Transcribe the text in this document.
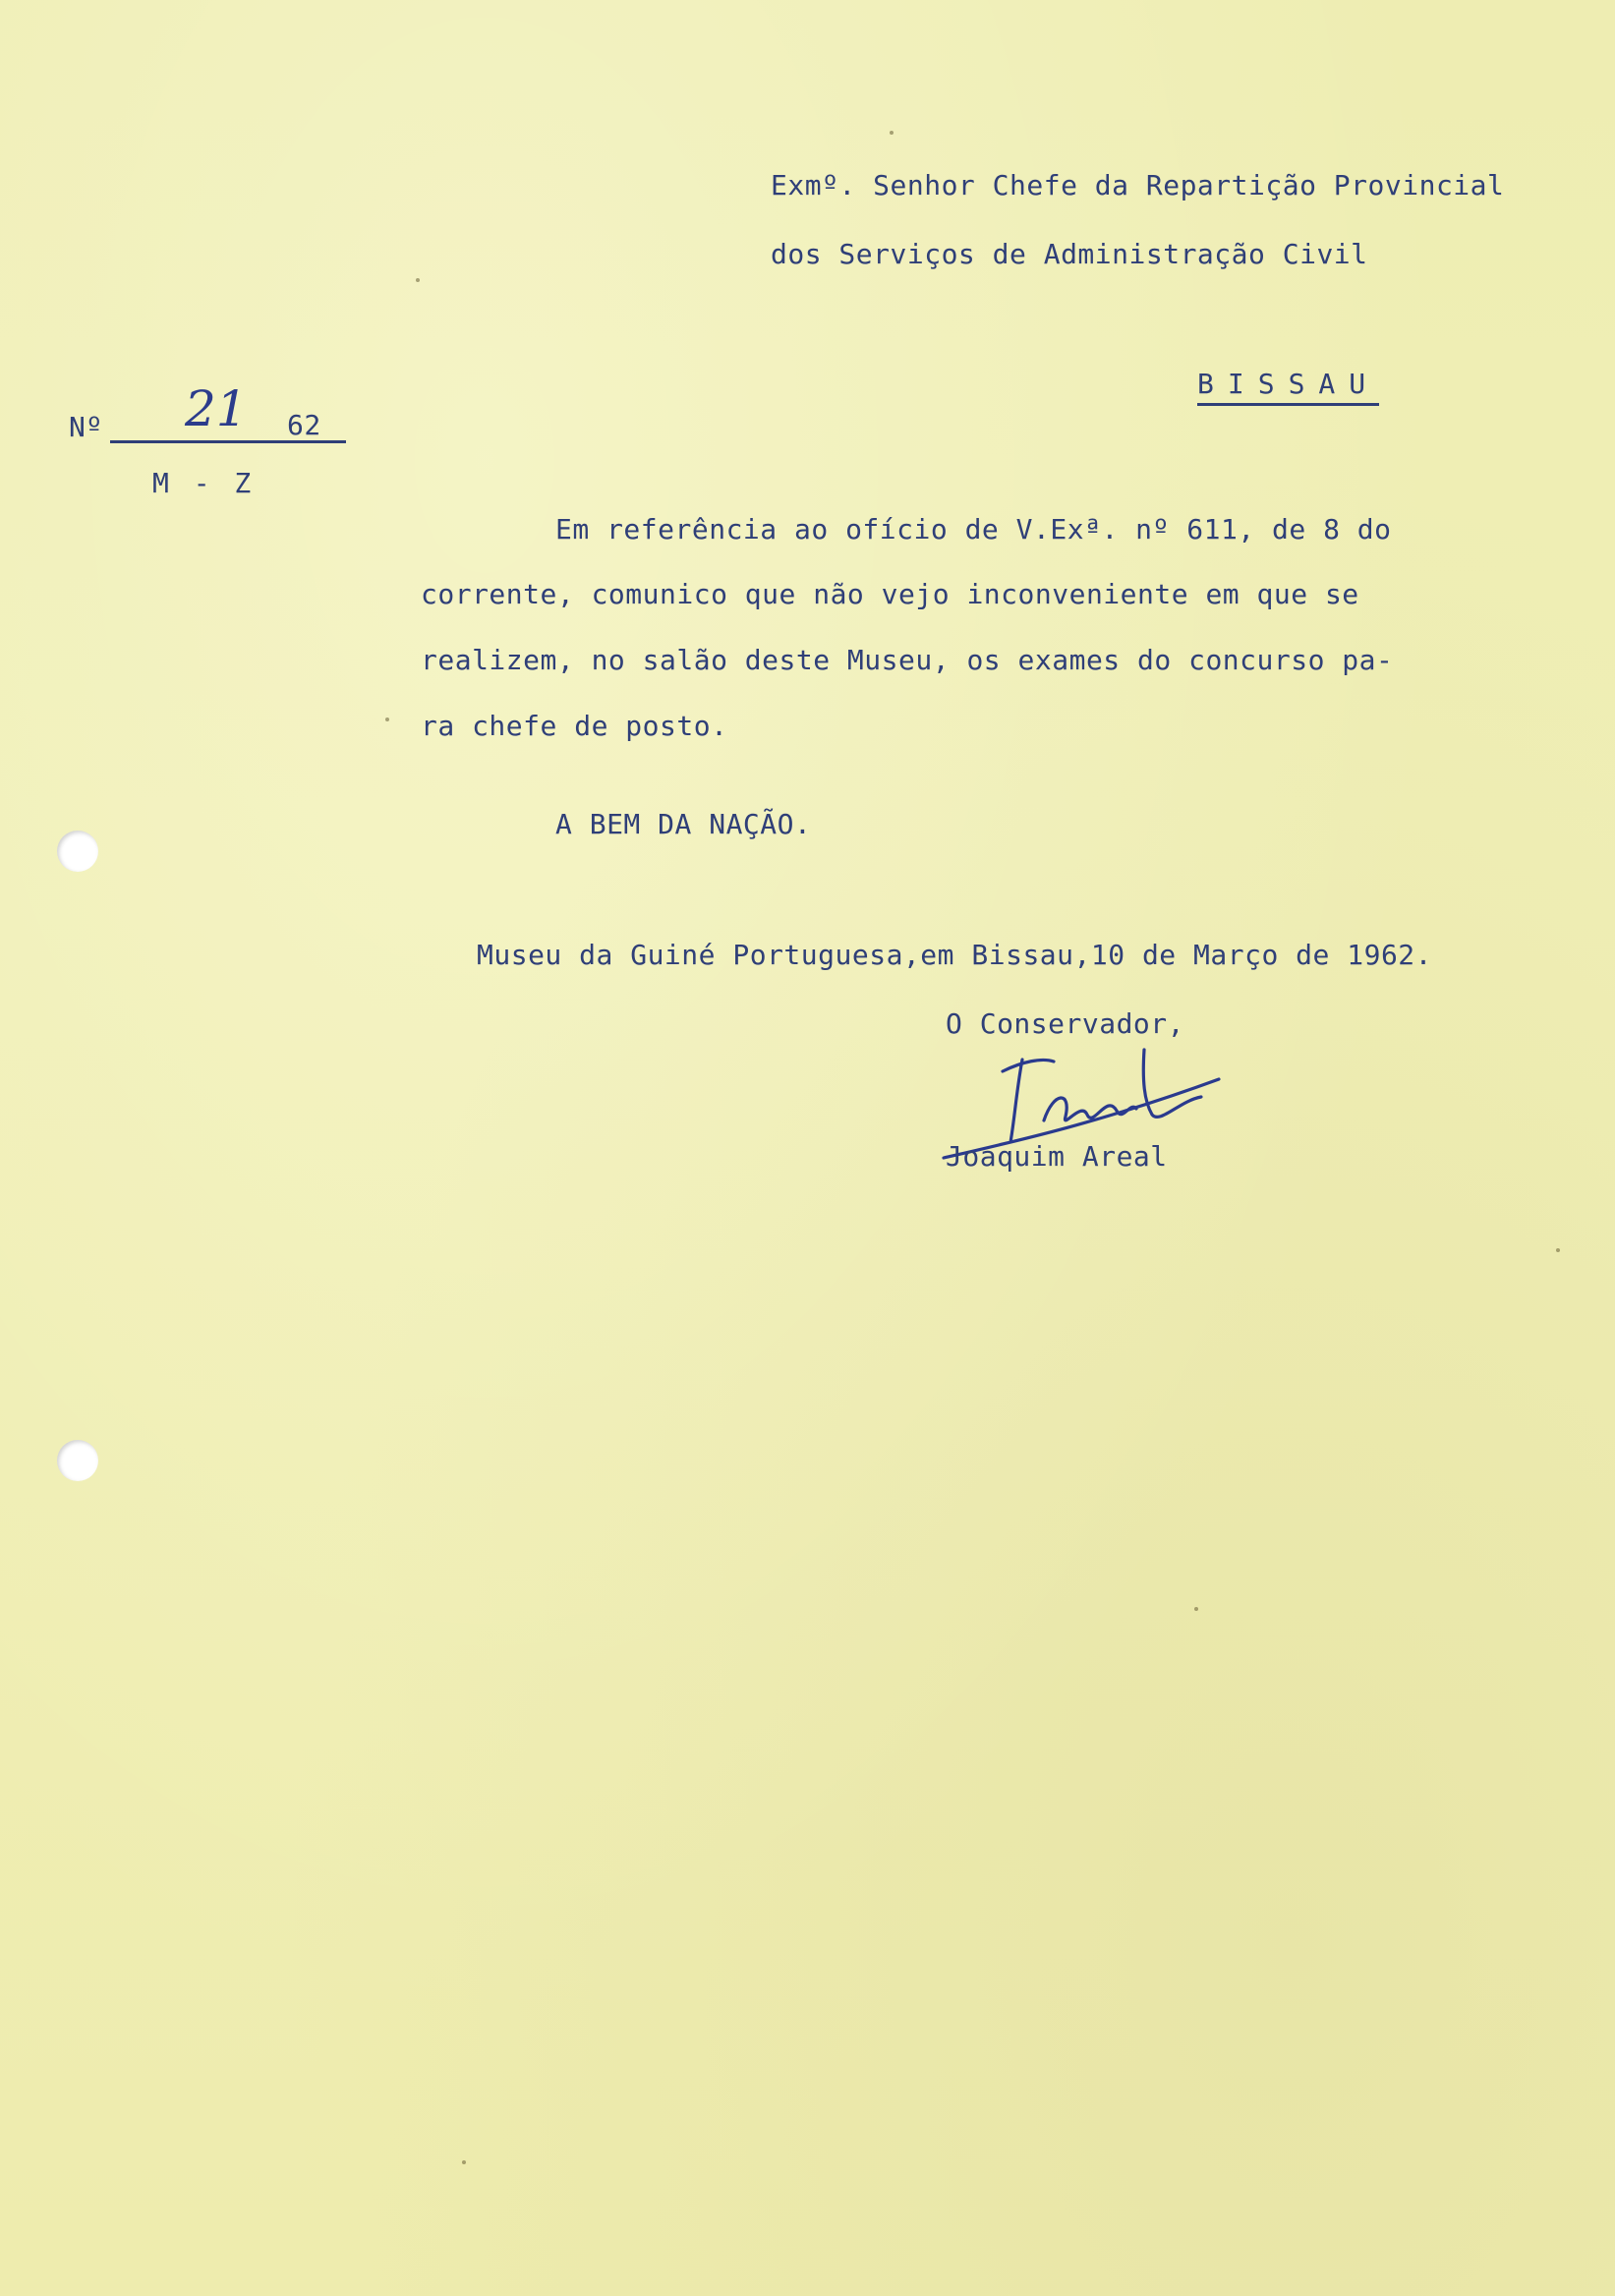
Exmº. Senhor Chefe da Repartição Provincial

dos Serviços de Administração Civil

BISSAU

Nº 21 62

M - Z

Em referência ao ofício de V.Exª. nº 611, de 8 do

corrente, comunico que não vejo inconveniente em que se

realizem, no salão deste Museu, os exames do concurso pa-

ra chefe de posto.

A BEM DA NAÇÃO.

Museu da Guiné Portuguesa,em Bissau,10 de Março de 1962.

O Conservador,

Joaquim Areal
